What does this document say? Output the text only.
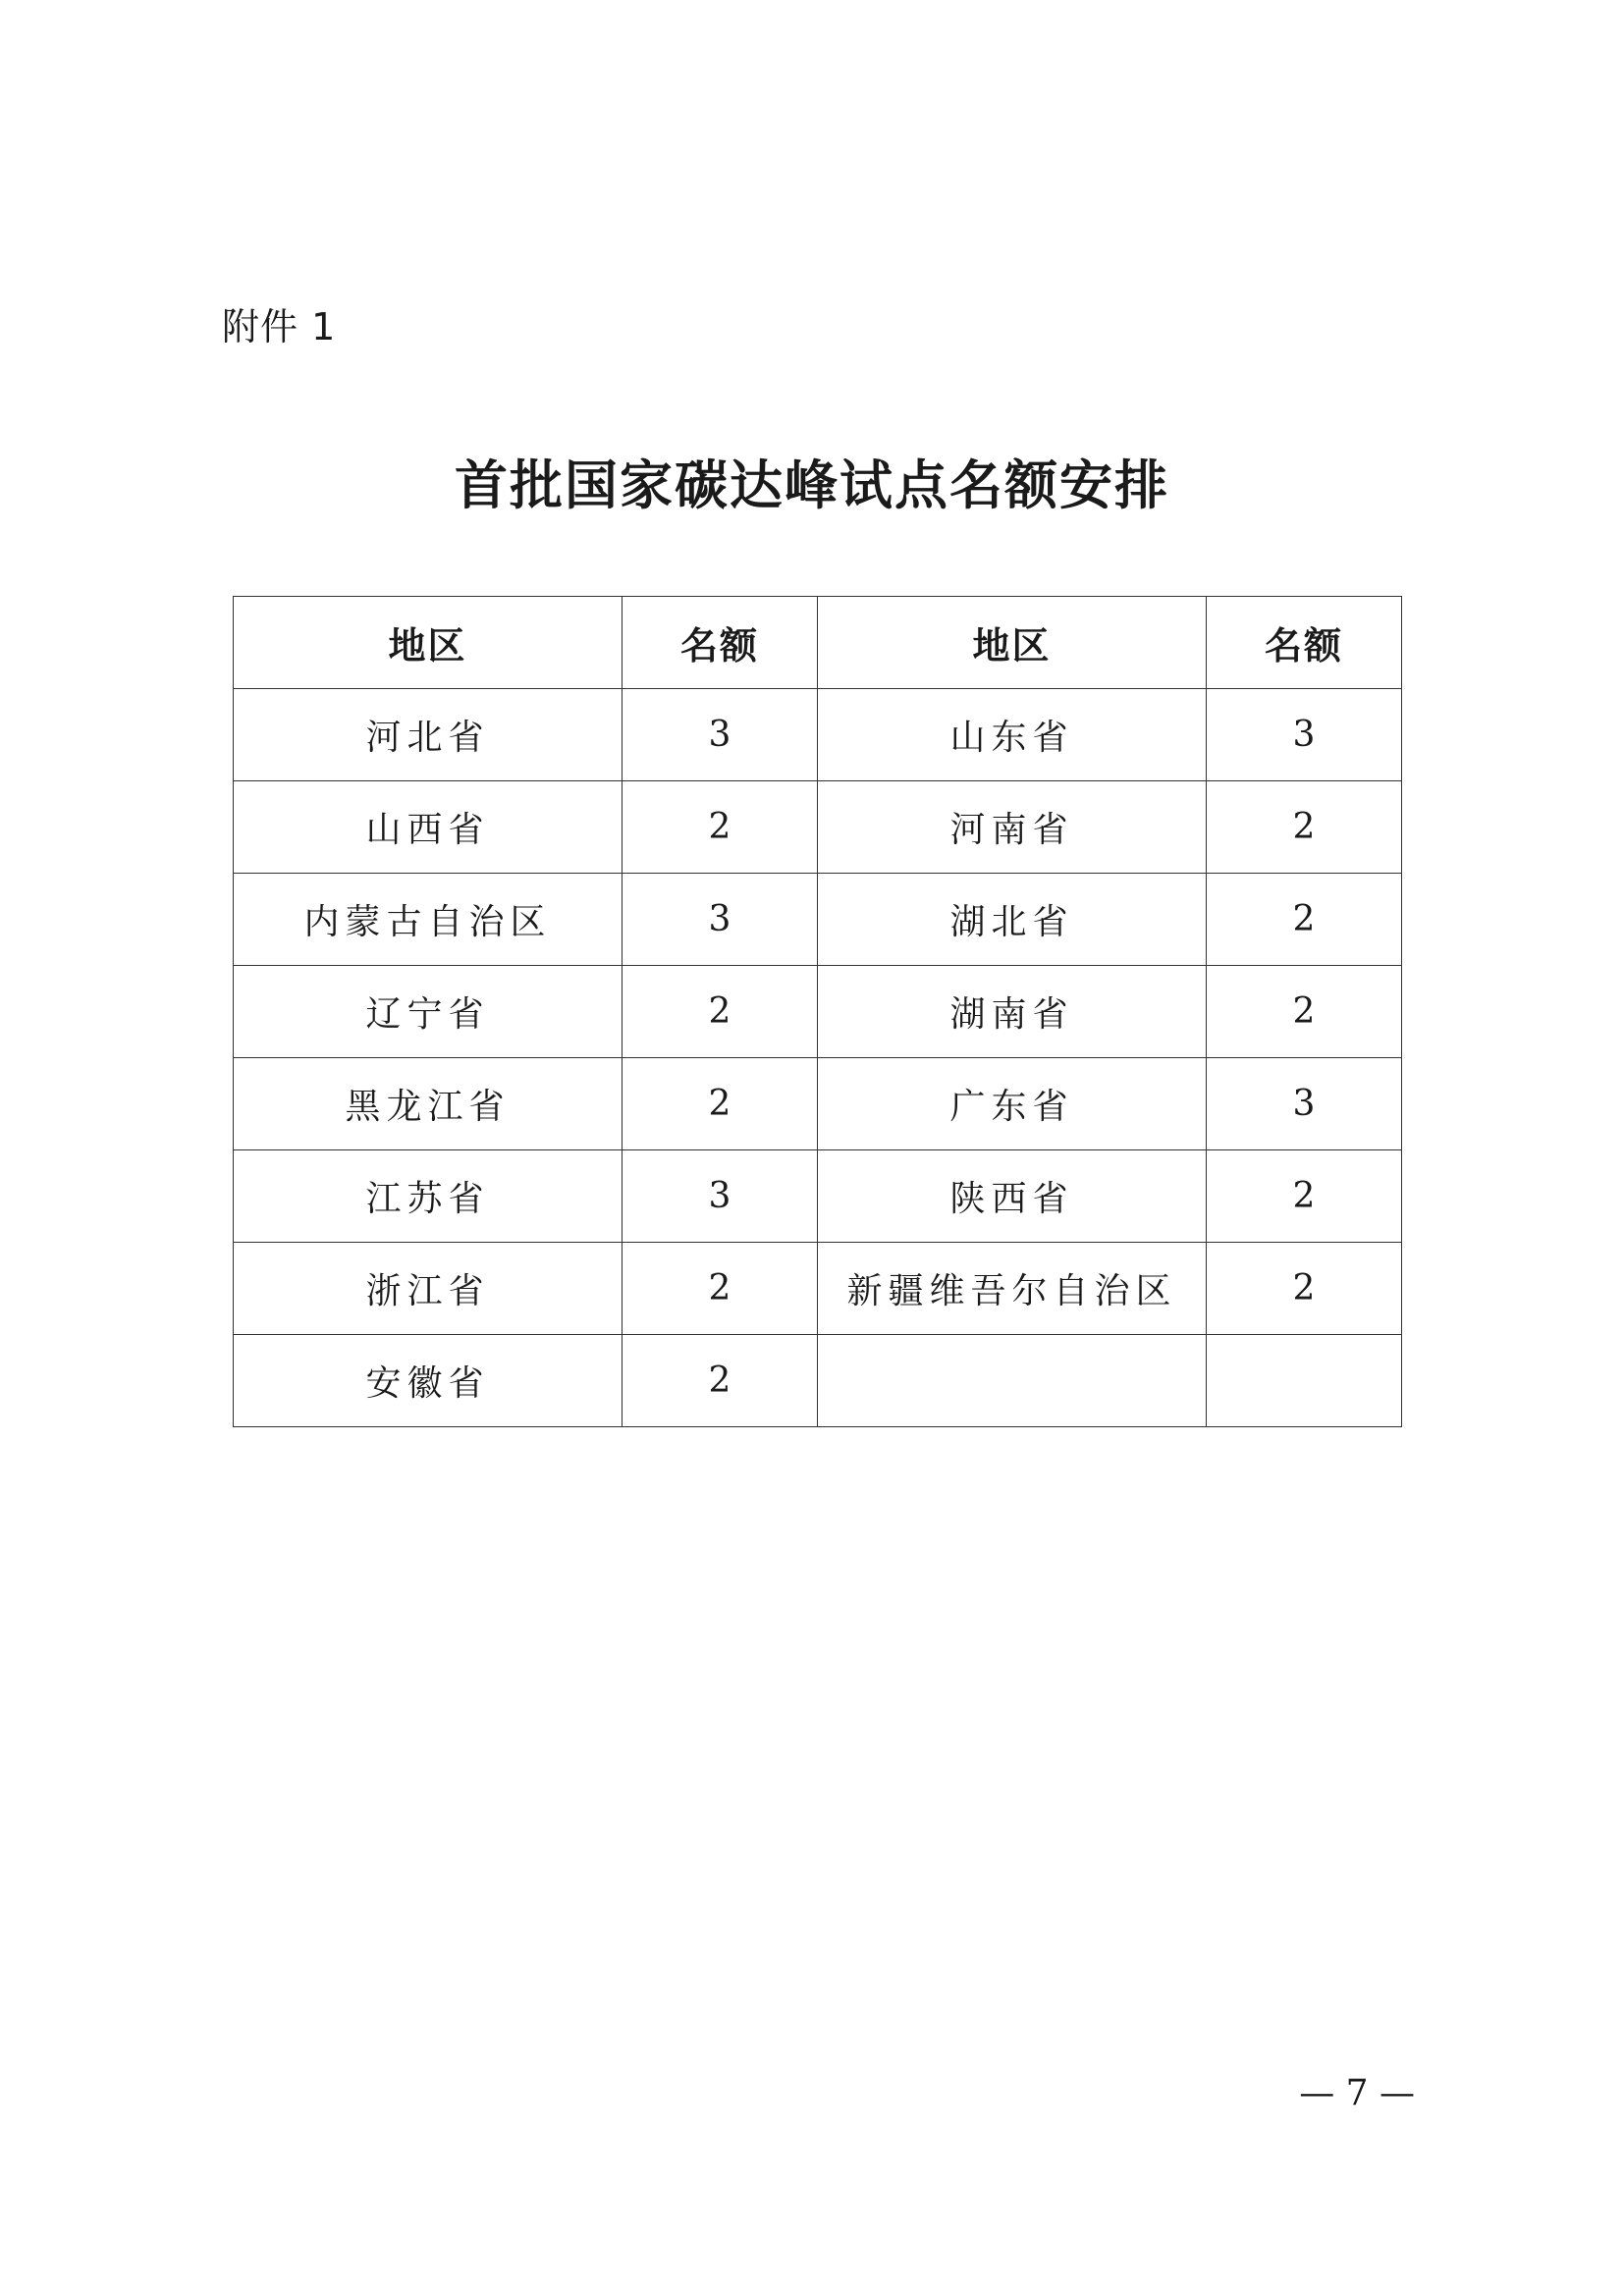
附件 1
首批国家碳达峰试点名额安排
地区	名额	地区	名额
河北省	3	山东省	3
山西省	2	河南省	2
内蒙古自治区	3	湖北省	2
辽宁省	2	湖南省	2
黑龙江省	2	广东省	3
江苏省	3	陕西省	2
浙江省	2	新疆维吾尔自治区	2
安徽省	2		
— 7 —
